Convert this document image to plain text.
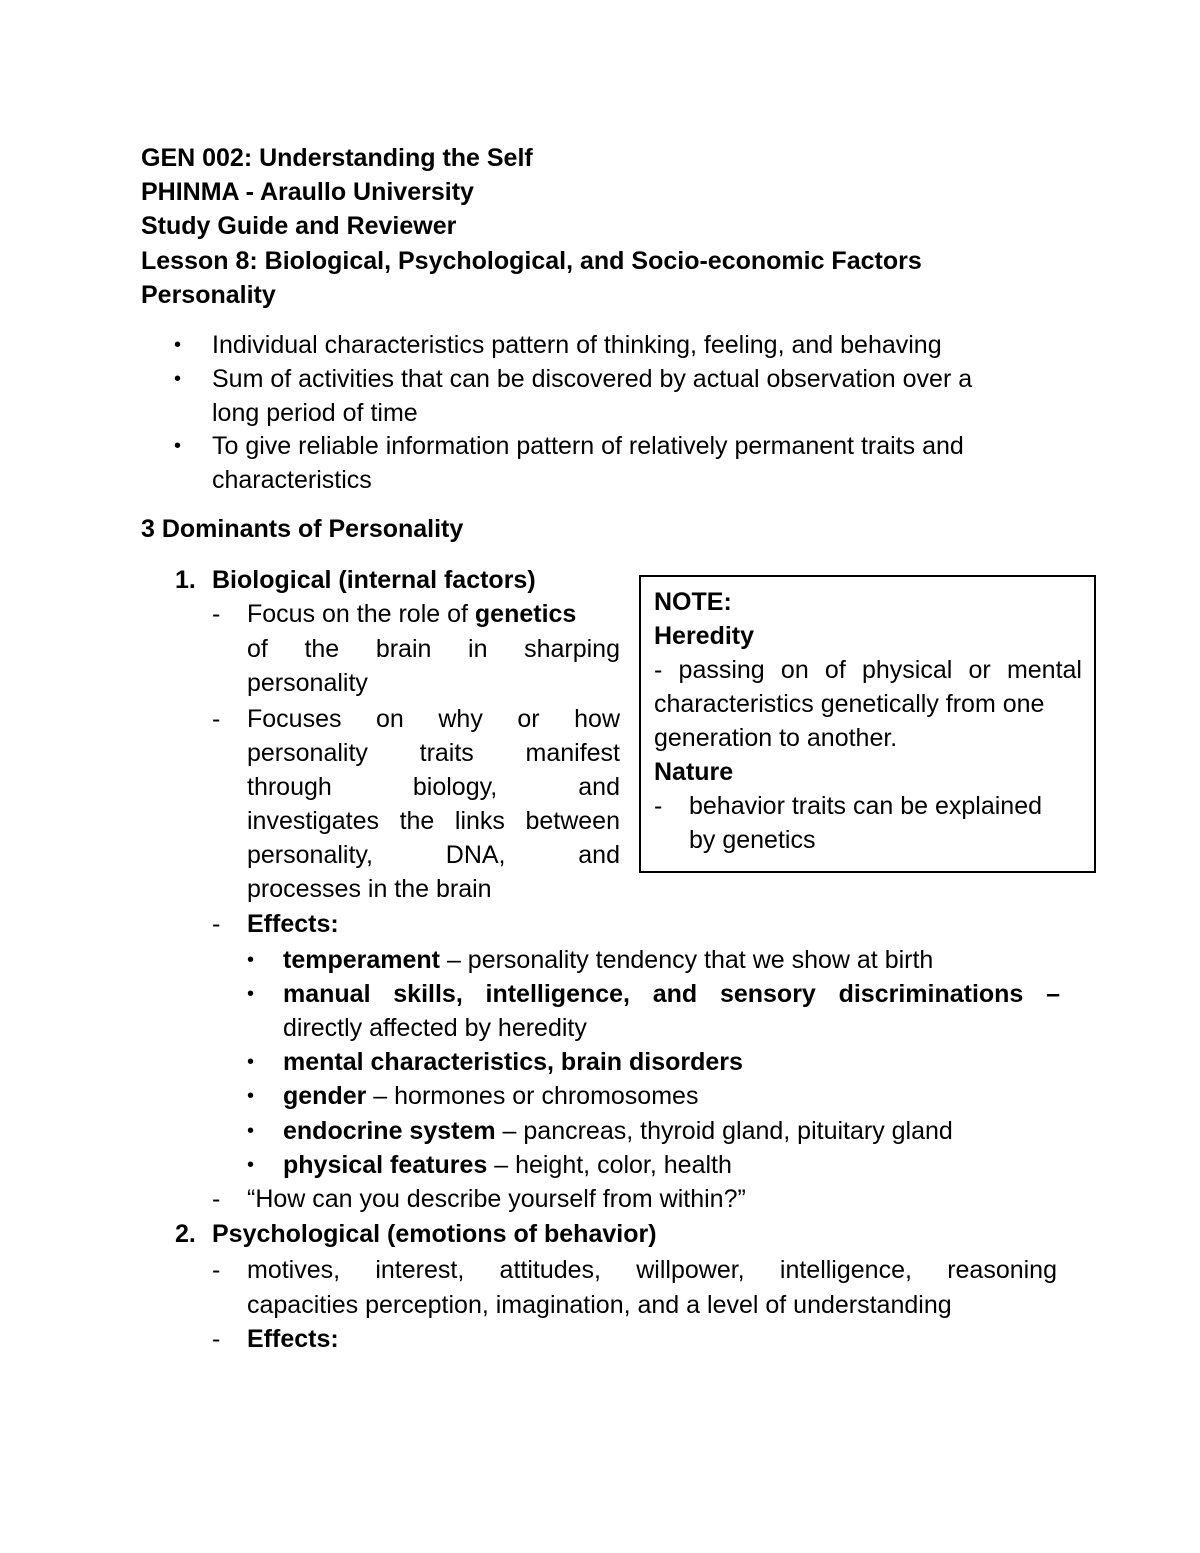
GEN 002: Understanding the Self
PHINMA - Araullo University
Study Guide and Reviewer
Lesson 8: Biological, Psychological, and Socio-economic Factors
Personality
• Individual characteristics pattern of thinking, feeling, and behaving
• Sum of activities that can be discovered by actual observation over a
long period of time
• To give reliable information pattern of relatively permanent traits and
characteristics
3 Dominants of Personality
1. Biological (internal factors)
- Focus on the role of genetics
of the brain in sharping
personality
- Focuses on why or how
personality traits manifest
through biology, and
investigates the links between
personality, DNA, and
processes in the brain
- Effects:
• temperament – personality tendency that we show at birth
• manual skills, intelligence, and sensory discriminations –
directly affected by heredity
• mental characteristics, brain disorders
• gender – hormones or chromosomes
• endocrine system – pancreas, thyroid gland, pituitary gland
• physical features – height, color, health
- “How can you describe yourself from within?”
NOTE:
Heredity
- passing on of physical or mental
characteristics genetically from one
generation to another.
Nature
- behavior traits can be explained
by genetics
2. Psychological (emotions of behavior)
- motives, interest, attitudes, willpower, intelligence, reasoning
capacities perception, imagination, and a level of understanding
- Effects:
